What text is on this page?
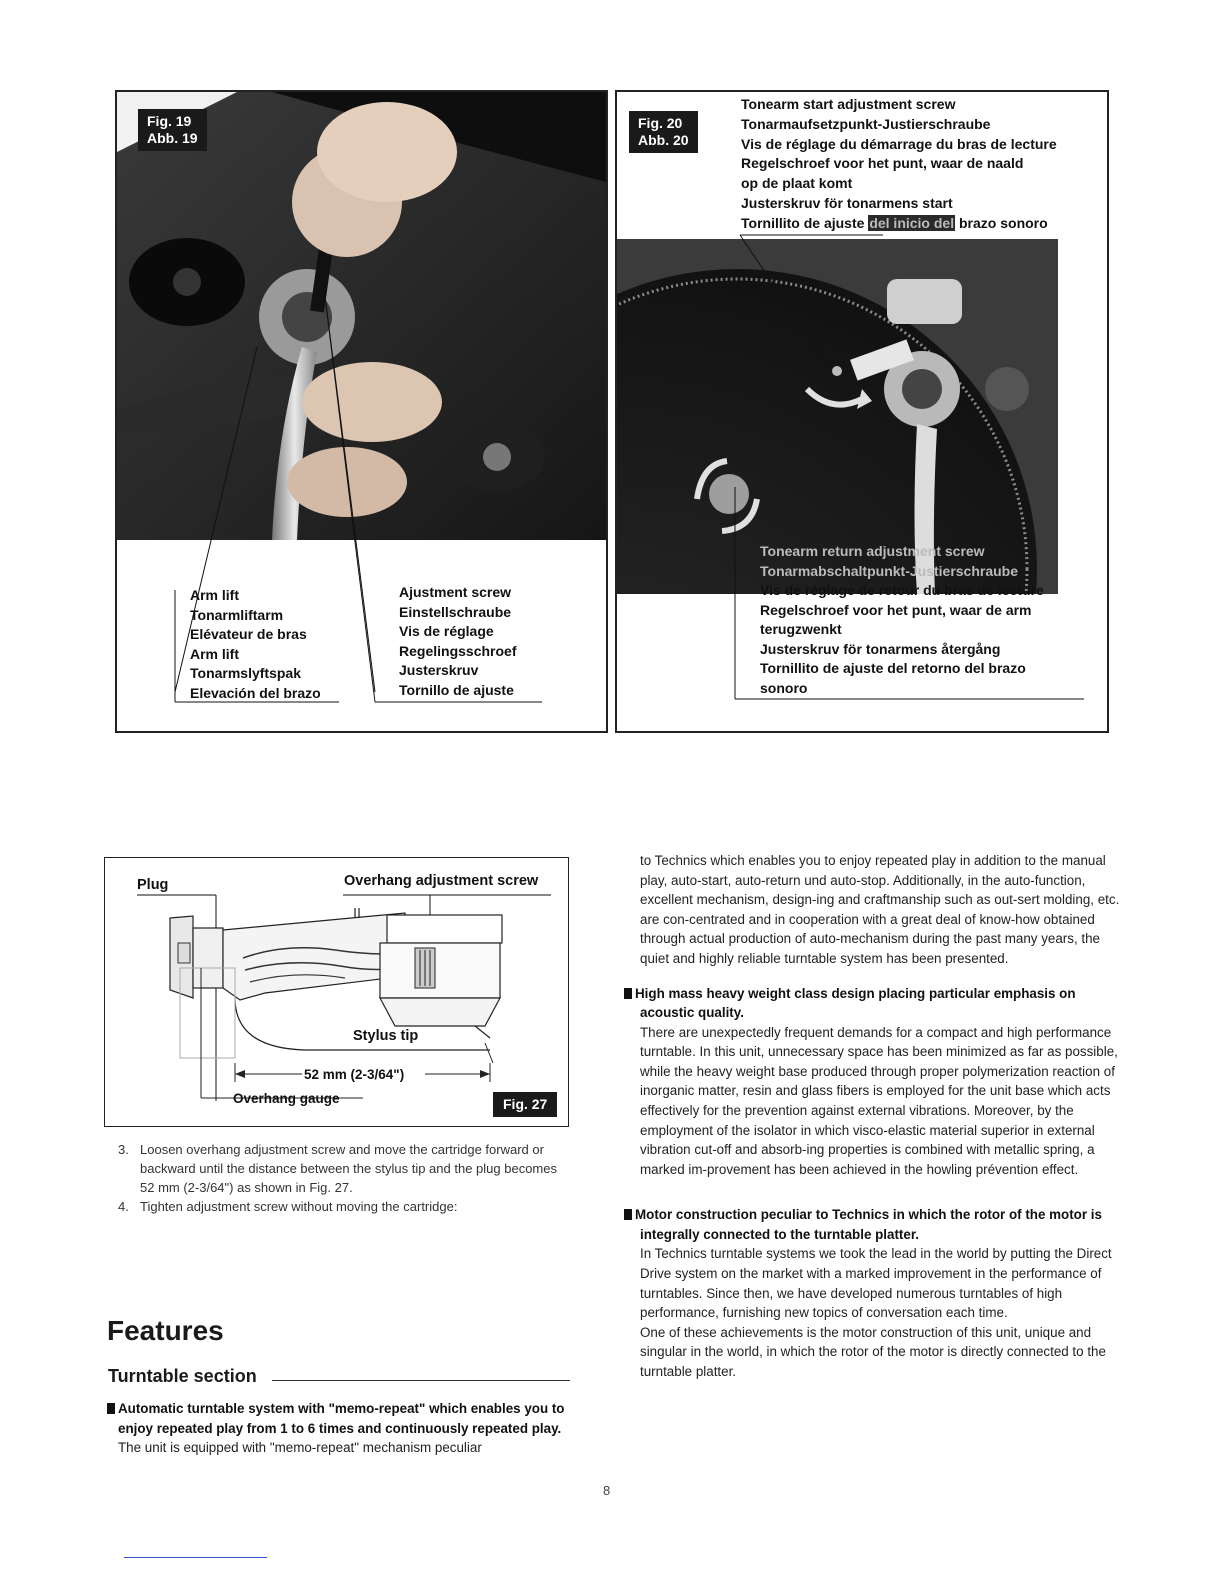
Fig. 19
Abb. 19
Arm lift
Tonarmliftarm
Elévateur de bras
Arm lift
Tonarmslyftspak
Elevación del brazo
Ajustment screw
Einstellschraube
Vis de réglage
Regelingsschroef
Justerskruv
Tornillo de ajuste
Fig. 20
Abb. 20
Tonearm start adjustment screw
Tonarmaufsetzpunkt-Justierschraube
Vis de réglage du démarrage du bras de lecture
Regelschroef voor het punt, waar de naald
op de plaat komt
Justerskruv för tonarmens start
Tornillito de ajuste del inicio del brazo sonoro
Tonearm return adjustment screw
Tonarmabschaltpunkt-Justierschraube
Vis de réglage de retour du bras de lecture
Regelschroef voor het punt, waar de arm
terugzwenkt
Justerskruv för tonarmens återgång
Tornillito de ajuste del retorno del brazo
sonoro
Plug	Overhang adjustment screw
Stylus tip
52 mm (2-3/64")
Overhang gauge	Fig. 27
3. Loosen overhang adjustment screw and move the cartridge forward or backward until the distance between the stylus tip and the plug becomes 52 mm (2-3/64") as shown in Fig. 27.
4. Tighten adjustment screw without moving the cartridge:
Features
Turntable section

Automatic turntable system with "memo-repeat" which enables you to enjoy repeated play from 1 to 6 times and continuously repeated play.

The unit is equipped with "memo-repeat" mechanism peculiar

to Technics which enables you to enjoy repeated play in addition to the manual play, auto-start, auto-return und auto-stop. Additionally, in the auto-function, excellent mechanism, design-ing and craftmanship such as out-sert molding, etc. are con-centrated and in cooperation with a great deal of know-how obtained through actual production of auto-mechanism during the past many years, the quiet and highly reliable turntable system has been presented.

High mass heavy weight class design placing particular emphasis on acoustic quality.

There are unexpectedly frequent demands for a compact and high performance turntable. In this unit, unnecessary space has been minimized as far as possible, while the heavy weight base produced through proper polymerization reaction of inorganic matter, resin and glass fibers is employed for the unit base which acts effectively for the prevention against external vibrations. Moreover, by the employment of the isolator in which visco-elastic material superior in external vibration cut-off and absorb-ing properties is combined with metallic spring, a marked im-provement has been achieved in the howling prévention effect.

Motor construction peculiar to Technics in which the rotor of the motor is integrally connected to the turntable platter.

In Technics turntable systems we took the lead in the world by putting the Direct Drive system on the market with a marked improvement in the performance of turntables. Since then, we have developed numerous turntables of high performance, furnishing new topics of conversation each time.

One of these achievements is the motor construction of this unit, unique and singular in the world, in which the rotor of the motor is directly connected to the turntable platter.

8
